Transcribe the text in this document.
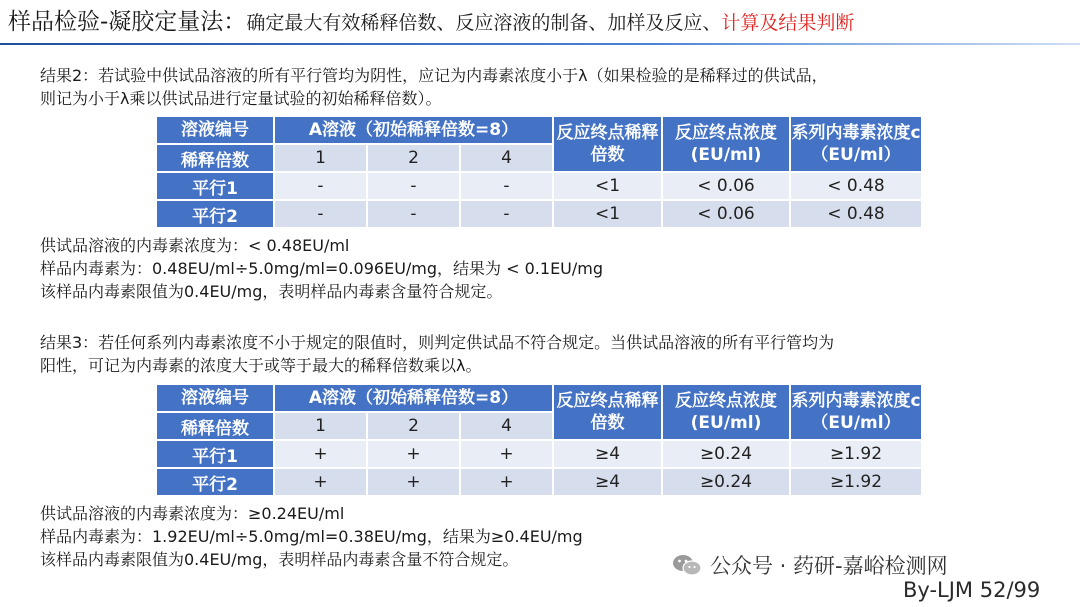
样品检验-凝胶定量法：确定最大有效稀释倍数、反应溶液的制备、加样及反应、计算及结果判断
结果2：若试验中供试品溶液的所有平行管均为阴性，应记为内毒素浓度小于λ（如果检验的是稀释过的供试品，
则记为小于λ乘以供试品进行定量试验的初始稀释倍数）。
溶液编号	A溶液（初始稀释倍数=8）			反应终点稀释倍数	反应终点浓度(EU/ml)	系列内毒素浓度c（EU/ml）
稀释倍数	1	2	4			
平行1	-	-	-	<1	< 0.06	< 0.48
平行2	-	-	-	<1	< 0.06	< 0.48
供试品溶液的内毒素浓度为：< 0.48EU/ml
样品内毒素为：0.48EU/ml÷5.0mg/ml=0.096EU/mg，结果为 < 0.1EU/mg
该样品内毒素限值为0.4EU/mg，表明样品内毒素含量符合规定。
结果3：若任何系列内毒素浓度不小于规定的限值时，则判定供试品不符合规定。当供试品溶液的所有平行管均为
阳性，可记为内毒素的浓度大于或等于最大的稀释倍数乘以λ。
溶液编号	A溶液（初始稀释倍数=8）			反应终点稀释倍数	反应终点浓度(EU/ml)	系列内毒素浓度c（EU/ml）
稀释倍数	1	2	4			
平行1	+	+	+	≥4	≥0.24	≥1.92
平行2	+	+	+	≥4	≥0.24	≥1.92
供试品溶液的内毒素浓度为：≥0.24EU/ml
样品内毒素为：1.92EU/ml÷5.0mg/ml=0.38EU/mg，结果为≥0.4EU/mg
该样品内毒素限值为0.4EU/mg，表明样品内毒素含量不符合规定。	公众号 · 药研-嘉峪检测网
By-LJM 52/99
